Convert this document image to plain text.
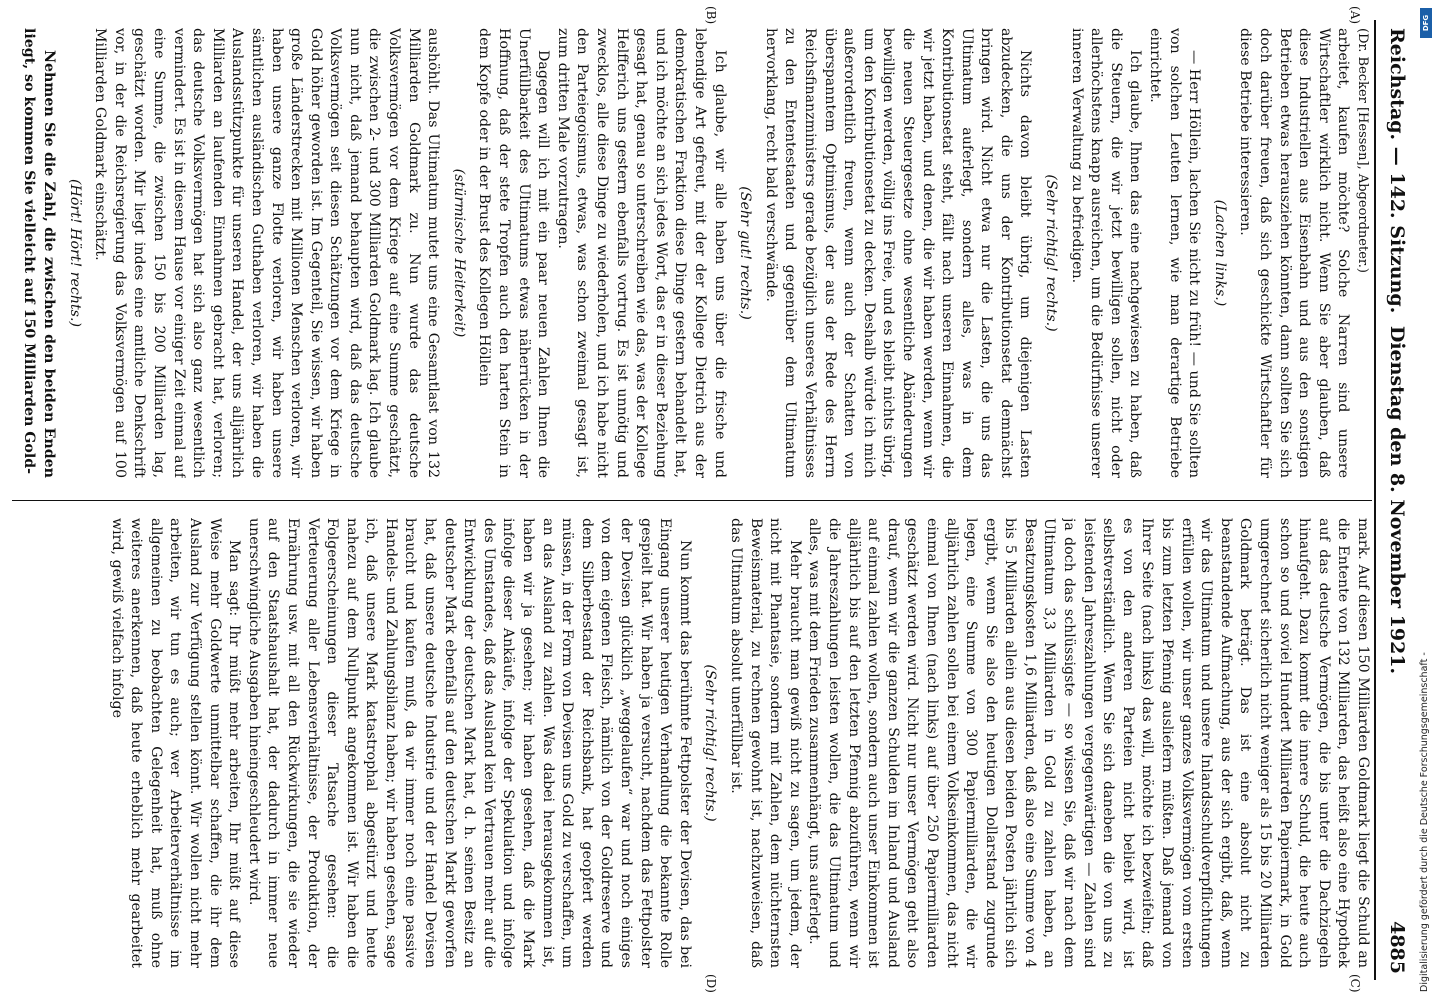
Reichstag. — 142. Sitzung.
Dienstag den 8. November 1921.
4885
(A)
(B)
(C)
(D)

(Dr. Becker [Hessen], Abgeordneter.)

arbeitet, kaufen möchte? Solche Narren sind unsere Wirtschaftler wirklich nicht. Wenn Sie aber glauben, daß diese Industriellen aus Eisenbahn und aus den sonstigen Betrieben etwas herausziehen könnten, dann sollten Sie sich doch darüber freuen, daß sich geschickte Wirtschaftler für diese Betriebe interessieren.

(Lachen links.)

— Herr Höllein, lachen Sie nicht zu früh! — und Sie sollten von solchen Leuten lernen, wie man derartige Betriebe einrichtet.

Ich glaube, Ihnen das eine nachgewiesen zu haben, daß die Steuern, die wir jetzt bewilligen sollen, nicht oder allerhöchstens knapp ausreichen, um die Bedürfnisse unserer inneren Verwaltung zu befriedigen.

(Sehr richtig! rechts.)

Nichts davon bleibt übrig, um diejenigen Lasten abzudecken, die uns der Kontributionsetat demnächst bringen wird. Nicht etwa nur die Lasten, die uns das Ultimatum auferlegt, sondern alles, was in dem Kontributionsetat steht, fällt nach unseren Einnahmen, die wir jetzt haben, und denen, die wir haben werden, wenn wir die neuen Steuergesetze ohne wesentliche Abänderungen bewilligen werden, völlig ins Freie, und es bleibt nichts übrig, um den Kontributionsetat zu decken. Deshalb würde ich mich außerordentlich freuen, wenn auch der Schatten von überspanntem Optimismus, der aus der Rede des Herrn Reichsfinanzministers gerade bezüglich unseres Verhältnisses zu den Ententestaaten und gegenüber dem Ultimatum hervorklang, recht bald verschwände.

(Sehr gut! rechts.)

Ich glaube, wir alle haben uns über die frische und lebendige Art gefreut, mit der der Kollege Dietrich aus der demokratischen Fraktion diese Dinge gestern behandelt hat, und ich möchte an sich jedes Wort, das er in dieser Beziehung gesagt hat, genau so unterschreiben wie das, was der Kollege Helfferich uns gestern ebenfalls vortrug. Es ist unnötig und zwecklos, alle diese Dinge zu wiederholen, und ich habe nicht den Parteiegoismus, etwas, was schon zweimal gesagt ist, zum dritten Male vorzutragen.

Dagegen will ich mit ein paar neuen Zahlen Ihnen die Unerfüllbarkeit des Ultimatums etwas näherrücken in der Hoffnung, daß der stete Tropfen auch den harten Stein in dem Kopfe oder in der Brust des Kollegen Höllein

(stürmische Heiterkeit)

aushöhlt. Das Ultimatum mutet uns eine Gesamtlast von 132 Milliarden Goldmark zu. Nun wurde das deutsche Volksvermögen vor dem Kriege auf eine Summe geschätzt, die zwischen 2- und 300 Milliarden Goldmark lag. Ich glaube nun nicht, daß jemand behaupten wird, daß das deutsche Volksvermögen seit diesen Schätzungen vor dem Kriege in Gold höher geworden ist. Im Gegenteil, Sie wissen, wir haben große Länderstrecken mit Millionen Menschen verloren, wir haben unsere ganze Flotte verloren, wir haben unsere sämtlichen ausländischen Guthaben verloren, wir haben die Auslandsstützpunkte für unseren Handel, der uns alljährlich Milliarden an laufenden Einnahmen gebracht hat, verloren; das deutsche Volksvermögen hat sich also ganz wesentlich vermindert. Es ist in diesem Hause vor einiger Zeit einmal auf eine Summe, die zwischen 150 bis 200 Milliarden lag, geschätzt worden. Mir liegt indes eine amtliche Denkschrift vor, in der die Reichsregierung das Volksvermögen auf 100 Milliarden Goldmark einschätzt.

(Hört! Hört! rechts.)

Nehmen Sie die Zahl, die zwischen den beiden Enden liegt, so kommen Sie vielleicht auf 150 Milliarden Gold-

mark. Auf diesen 150 Milliarden Goldmark liegt die Schuld an die Entente von 132 Milliarden, das heißt also eine Hypothek auf das deutsche Vermögen, die bis unter die Dachziegeln hinaufgeht. Dazu kommt die innere Schuld, die heute auch schon so und soviel Hundert Milliarden Papiermark, in Gold umgerechnet sicherlich nicht weniger als 15 bis 20 Milliarden Goldmark beträgt. Das ist eine absolut nicht zu beanstandende Aufmachung, aus der sich ergibt, daß, wenn wir das Ultimatum und unsere Inlandsschuldverpflichtungen erfüllen wollen, wir unser ganzes Volksvermögen vom ersten bis zum letzten Pfennig ausliefern müßten. Daß jemand von Ihrer Seite (nach links) das will, möchte ich bezweifeln; daß es von den anderen Parteien nicht beliebt wird, ist selbstverständlich. Wenn Sie sich daneben die von uns zu leistenden Jahreszahlungen vergegenwärtigen — Zahlen sind ja doch das schlüssigste — so wissen Sie, daß wir nach dem Ultimatum 3,3 Milliarden in Gold zu zahlen haben, an Besatzungskosten 1,6 Milliarden, daß also eine Summe von 4 bis 5 Milliarden allein aus diesen beiden Posten jährlich sich ergibt, wenn Sie also den heutigen Dollarstand zugrunde legen, eine Summe von 300 Papiermilliarden, die wir alljährlich zahlen sollen bei einem Volkseinkommen, das nicht einmal von Ihnen (nach links) auf über 250 Papiermilliarden geschätzt werden wird. Nicht nur unser Vermögen geht also drauf, wenn wir die ganzen Schulden im Inland und Ausland auf einmal zahlen wollen, sondern auch unser Einkommen ist alljährlich bis auf den letzten Pfennig abzuführen, wenn wir die Jahreszahlungen leisten wollen, die das Ultimatum und alles, was mit dem Frieden zusammenhängt, uns auferlegt.

Mehr braucht man gewiß nicht zu sagen, um jedem, der nicht mit Phantasie, sondern mit Zahlen, dem nüchternsten Beweismaterial, zu rechnen gewohnt ist, nachzuweisen, daß das Ultimatum absolut unerfüllbar ist.

(Sehr richtig! rechts.)

Nun kommt das berühmte Fettpolster der Devisen, das bei Eingang unserer heutigen Verhandlung die bekannte Rolle gespielt hat. Wir haben ja versucht, nachdem das Fettpolster der Devisen glücklich „weggelaufen“ war und noch einiges von dem eigenen Fleisch, nämlich von der Goldreserve und dem Silberbestand der Reichsbank, hat geopfert werden müssen, in der Form von Devisen uns Gold zu verschaffen, um an das Ausland zu zahlen. Was dabei herausgekommen ist, haben wir ja gesehen; wir haben gesehen, daß die Mark infolge dieser Ankäufe, infolge der Spekulation und infolge des Umstandes, daß das Ausland kein Vertrauen mehr auf die Entwicklung der deutschen Mark hat, d. h. seinen Besitz an deutscher Mark ebenfalls auf den deutschen Markt geworfen hat, daß unsere deutsche Industrie und der Handel Devisen braucht und kaufen muß, da wir immer noch eine passive Handels- und Zahlungsbilanz haben; wir haben gesehen, sage ich, daß unsere Mark katastrophal abgestürzt und heute nahezu auf dem Nullpunkt angekommen ist. Wir haben die Folgeerscheinungen dieser Tatsache gesehen: die Verteuerung aller Lebensverhältnisse, der Produktion, der Ernährung usw. mit all den Rückwirkungen, die sie wieder auf den Staatshaushalt hat, der dadurch in immer neue unerschwingliche Ausgaben hineingeschleudert wird.

Man sagt: Ihr müßt mehr arbeiten, Ihr müßt auf diese Weise mehr Goldwerte unmittelbar schaffen, die ihr dem Ausland zur Verfügung stellen könnt. Wir wollen nicht mehr arbeiten, wir tun es auch; wer Arbeiterverhältnisse im allgemeinen zu beobachten Gelegenheit hat, muß ohne weiteres anerkennen, daß heute erheblich mehr gearbeitet wird, gewiß vielfach infolge

Digitalisierung gefördert durch die Deutsche Forschungsgemeinschaft -
DFG
